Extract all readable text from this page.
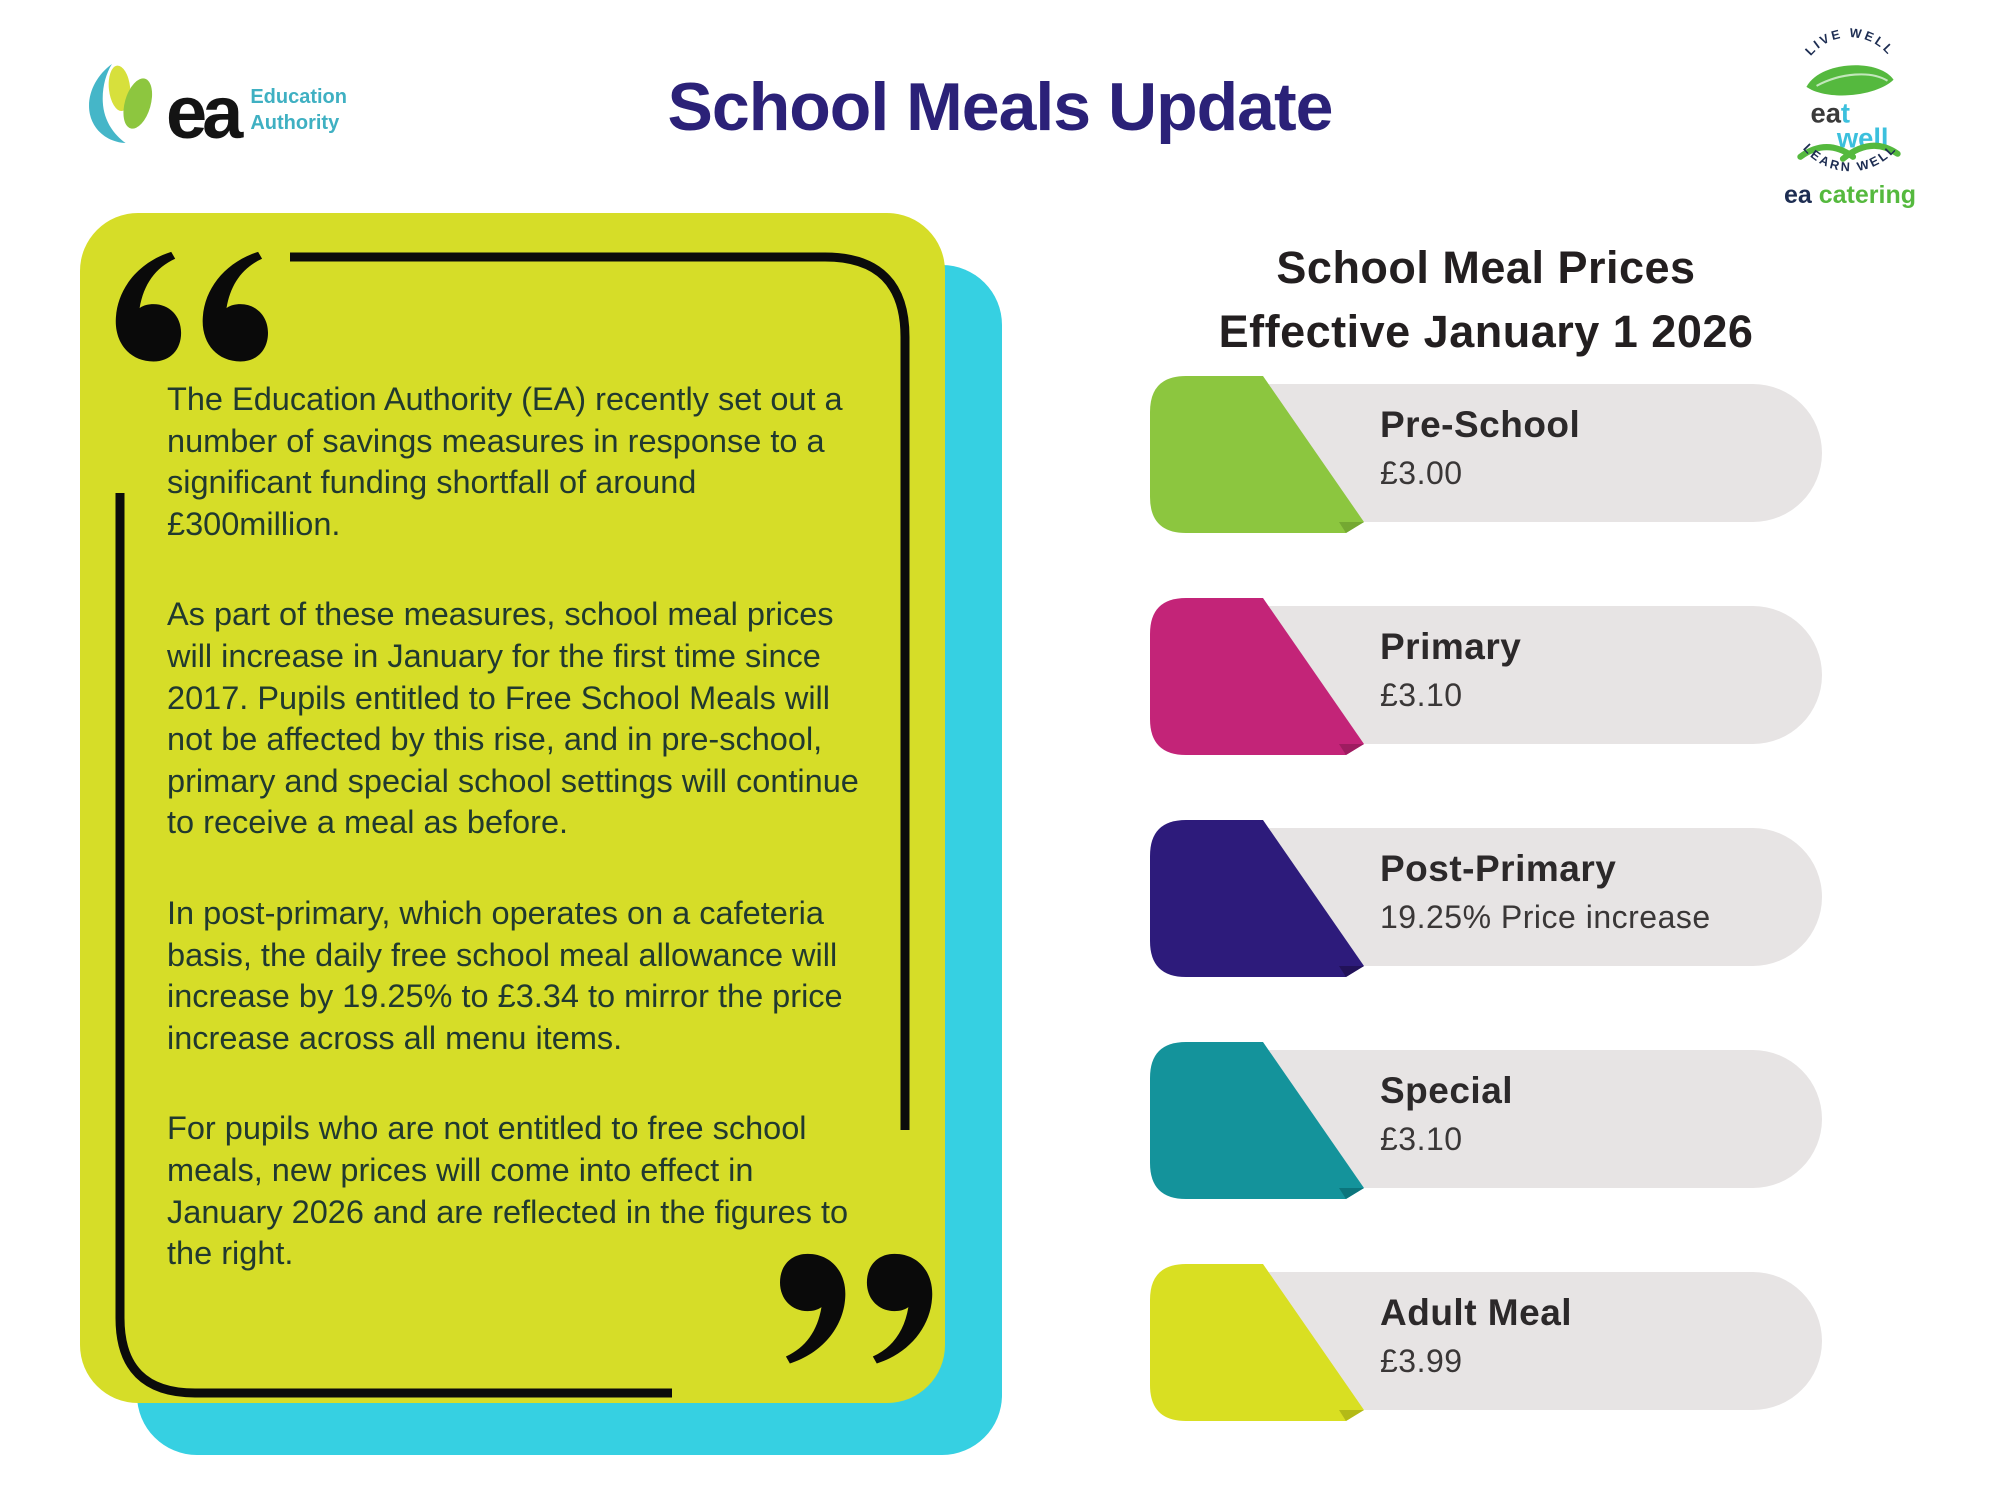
ea Education
Authority	School Meals Update
LIVE WELL
eat
well
LEARN WELL
ea catering

The Education Authority (EA) recently set out a number of savings measures in response to a significant funding shortfall of around £300million.

As part of these measures, school meal prices will increase in January for the first time since 2017. Pupils entitled to Free School Meals will not be affected by this rise, and in pre-school, primary and special school settings will continue to receive a meal as before.

In post-primary, which operates on a cafeteria basis, the daily free school meal allowance will increase by 19.25% to £3.34 to mirror the price increase across all menu items.

For pupils who are not entitled to free school meals, new prices will come into effect in January 2026 and are reflected in the figures to the right.

School Meal Prices
Effective January 1 2026
Pre-School
£3.00
Primary
£3.10
Post-Primary
19.25% Price increase
Special
£3.10
Adult Meal
£3.99
